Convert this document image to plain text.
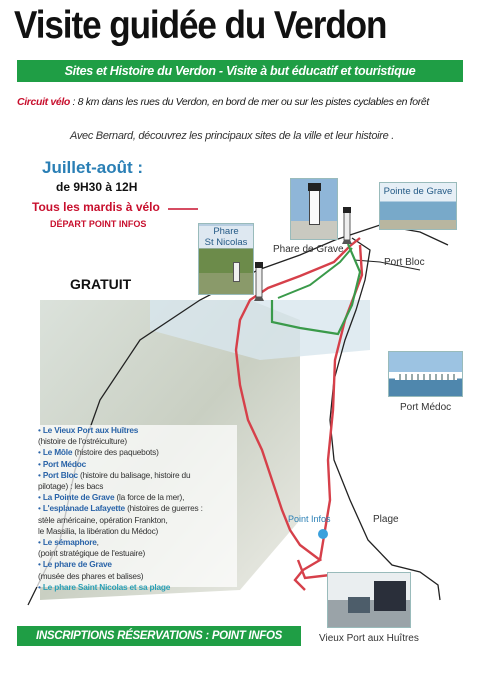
Visite guidée du Verdon
Sites et Histoire du Verdon - Visite à but éducatif et touristique
Circuit vélo : 8 km dans les rues du Verdon, en bord de mer ou sur les pistes cyclables en forêt
Avec Bernard, découvrez les principaux sites de la ville et leur histoire .
Juillet-août :
de 9H30 à 12H
Tous les mardis à vélo
DÉPART POINT INFOS
GRATUIT
Phare
St Nicolas
Pointe de Grave
Phare de Grave
Port Bloc
Port Médoc
Point Infos	Plage
Vieux Port aux Huîtres
• Le Vieux Port aux Huîtres
(histoire de l'ostréiculture)
• Le Môle (histoire des paquebots)
• Port Médoc
• Port Bloc (histoire du balisage, histoire du
pilotage) : les bacs
• La Pointe de Grave (la force de la mer),
• L'esplanade Lafayette (histoires de guerres :
stèle américaine, opération Frankton,
le Massilia, la libération du Médoc)
• Le sémaphore,
(point stratégique de l'estuaire)
• Le phare de Grave
(musée des phares et balises)
• Le phare Saint Nicolas et sa plage
INSCRIPTIONS RÉSERVATIONS : POINT INFOS
